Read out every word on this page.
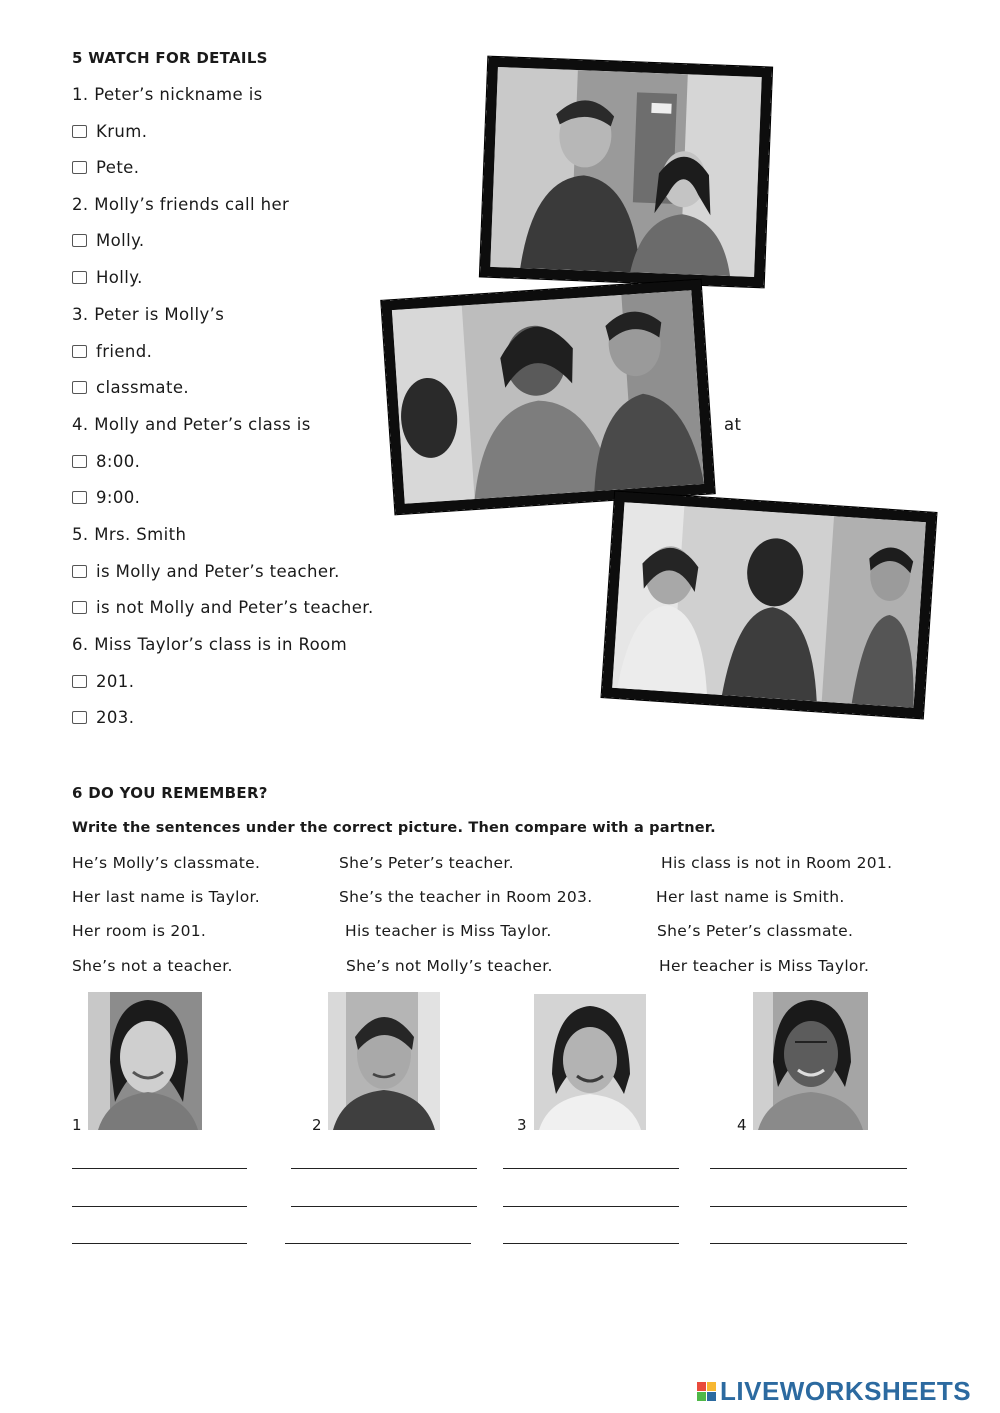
5 WATCH FOR DETAILS
1. Peter’s nickname is
Krum.
Pete.
2. Molly’s friends call her
Molly.
Holly.
3. Peter is Molly’s
friend.
classmate.
4. Molly and Peter’s class is	at
8:00.
9:00.
5. Mrs. Smith
is Molly and Peter’s teacher.
is not Molly and Peter’s teacher.
6. Miss Taylor’s class is in Room
201.
203.
6 DO YOU REMEMBER?
Write the sentences under the correct picture. Then compare with a partner.
He’s Molly’s classmate.	She’s Peter’s teacher.	His class is not in Room 201.
Her last name is Taylor.	She’s the teacher in Room 203.	Her last name is Smith.
Her room is 201.	His teacher is Miss Taylor.	She’s Peter’s classmate.
She’s not a teacher.	She’s not Molly’s teacher.	Her teacher is Miss Taylor.
1	2	3	4
LIVEWORKSHEETS
